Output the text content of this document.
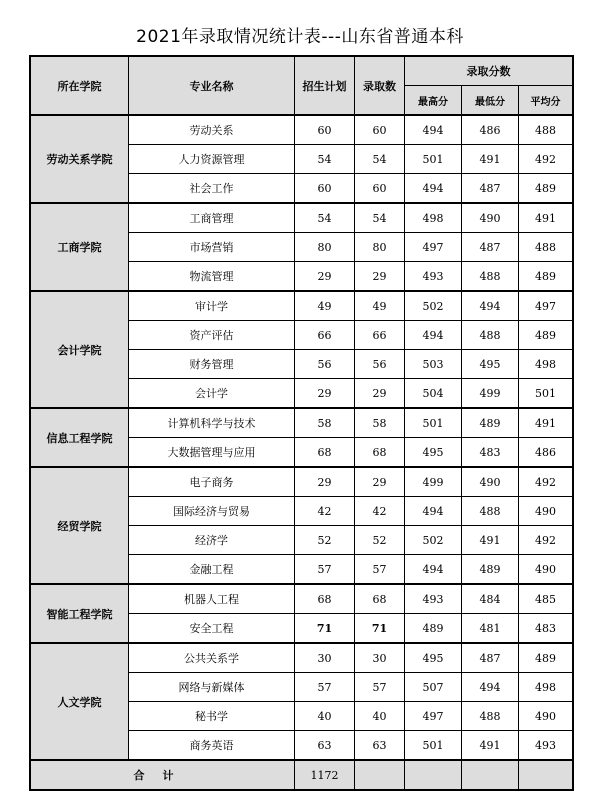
2021年录取情况统计表---山东省普通本科
所在学院	专业名称	招生计划	录取数	录取分数		
				最高分	最低分	平均分
劳动关系学院	劳动关系	60	60	494	486	488
	人力资源管理	54	54	501	491	492
	社会工作	60	60	494	487	489
工商学院	工商管理	54	54	498	490	491
	市场营销	80	80	497	487	488
	物流管理	29	29	493	488	489
会计学院	审计学	49	49	502	494	497
	资产评估	66	66	494	488	489
	财务管理	56	56	503	495	498
	会计学	29	29	504	499	501
信息工程学院	计算机科学与技术	58	58	501	489	491
	大数据管理与应用	68	68	495	483	486
经贸学院	电子商务	29	29	499	490	492
	国际经济与贸易	42	42	494	488	490
	经济学	52	52	502	491	492
	金融工程	57	57	494	489	490
智能工程学院	机器人工程	68	68	493	484	485
	安全工程	71	71	489	481	483
人文学院	公共关系学	30	30	495	487	489
	网络与新媒体	57	57	507	494	498
	秘书学	40	40	497	488	490
	商务英语	63	63	501	491	493
合计		1172				
